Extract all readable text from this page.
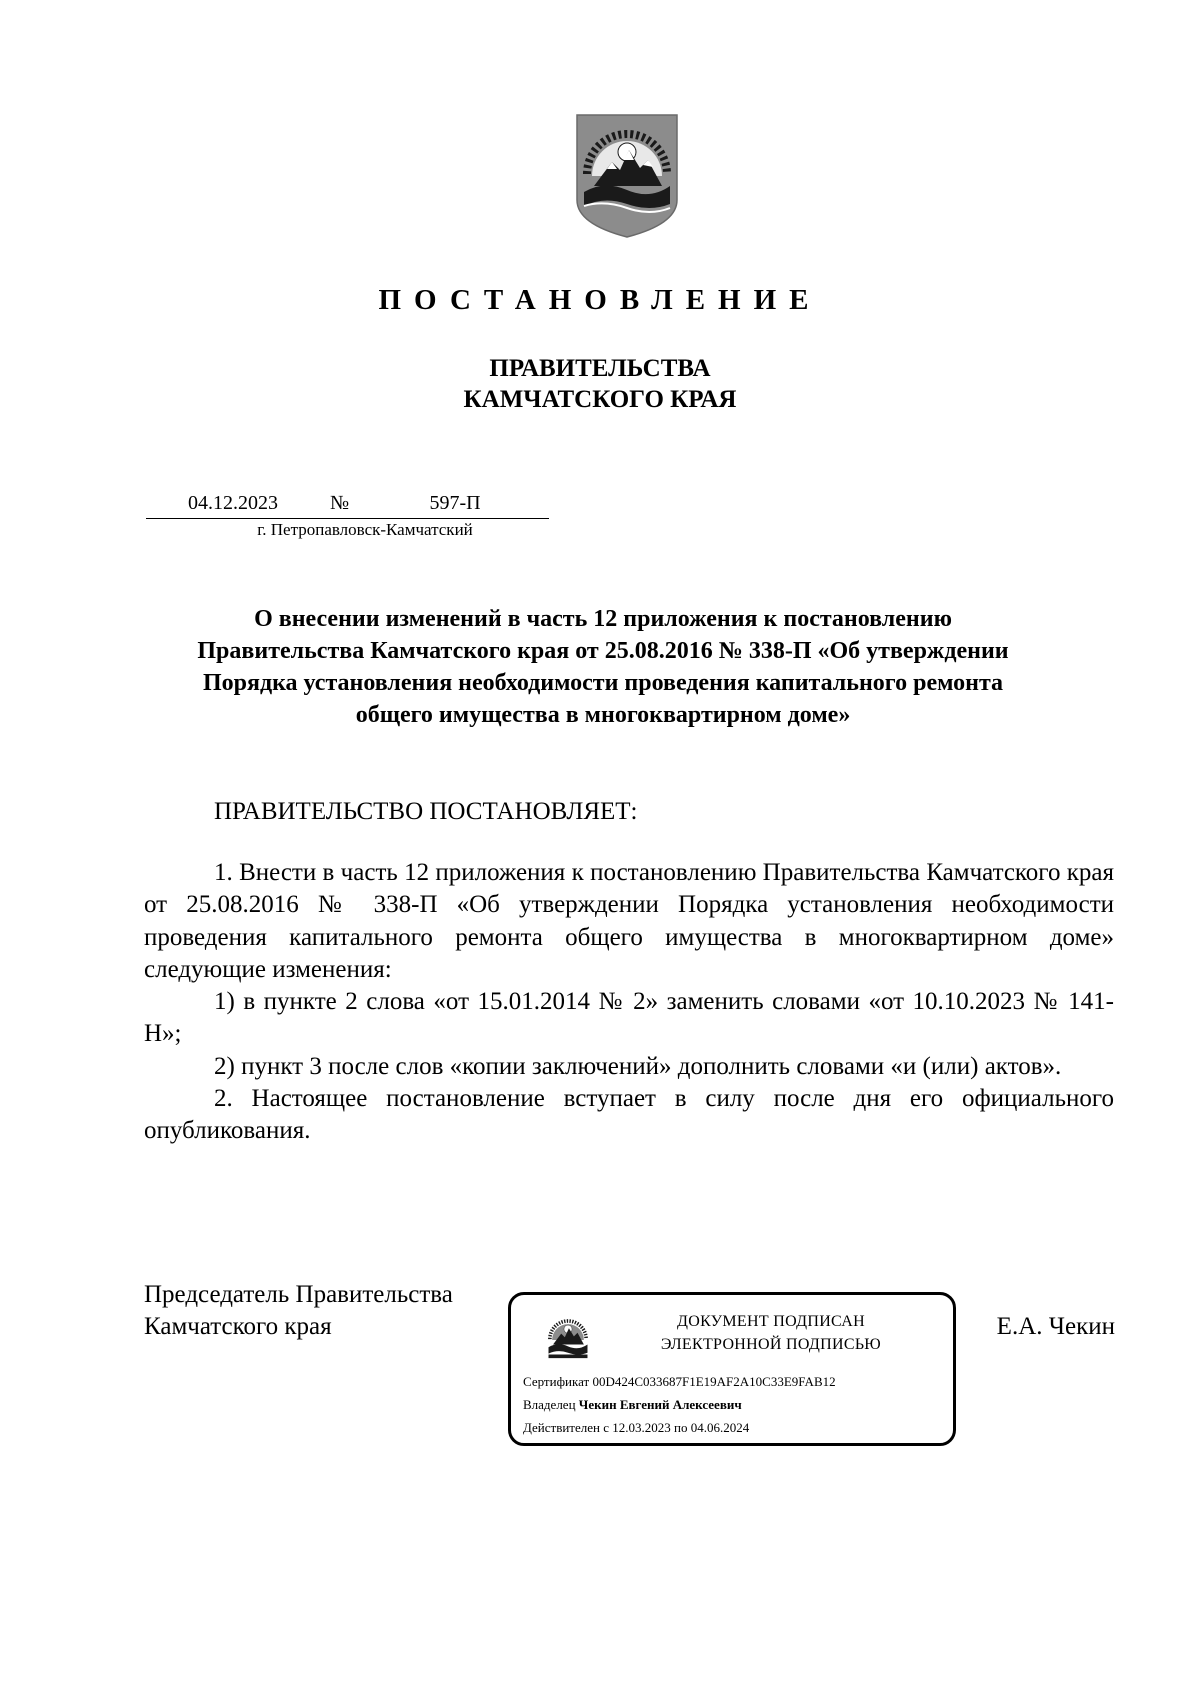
ПОСТАНОВЛЕНИЕ
ПРАВИТЕЛЬСТВА
КАМЧАТСКОГО КРАЯ
04.12.2023	№	597-П
г. Петропавловск-Камчатский
О внесении изменений в часть 12 приложения к постановлению
Правительства Камчатского края от 25.08.2016 № 338-П «Об утверждении
Порядка установления необходимости проведения капитального ремонта
общего имущества в многоквартирном доме»
ПРАВИТЕЛЬСТВО ПОСТАНОВЛЯЕТ:

1. Внести в часть 12 приложения к постановлению Правительства Камчатского края от 25.08.2016 № 338-П «Об утверждении Порядка установления необходимости проведения капитального ремонта общего имущества в многоквартирном доме» следующие изменения:

1) в пункте 2 слова «от 15.01.2014 № 2» заменить словами «от 10.10.2023 № 141-Н»;

2) пункт 3 после слов «копии заключений» дополнить словами «и (или) актов».

2. Настоящее постановление вступает в силу после дня его официального опубликования.

Председатель Правительства
Камчатского края	Е.А. Чекин
ДОКУМЕНТ ПОДПИСАН
ЭЛЕКТРОННОЙ ПОДПИСЬЮ
Сертификат 00D424C033687F1E19AF2A10C33E9FAB12
Владелец Чекин Евгений Алексеевич
Действителен с 12.03.2023 по 04.06.2024
